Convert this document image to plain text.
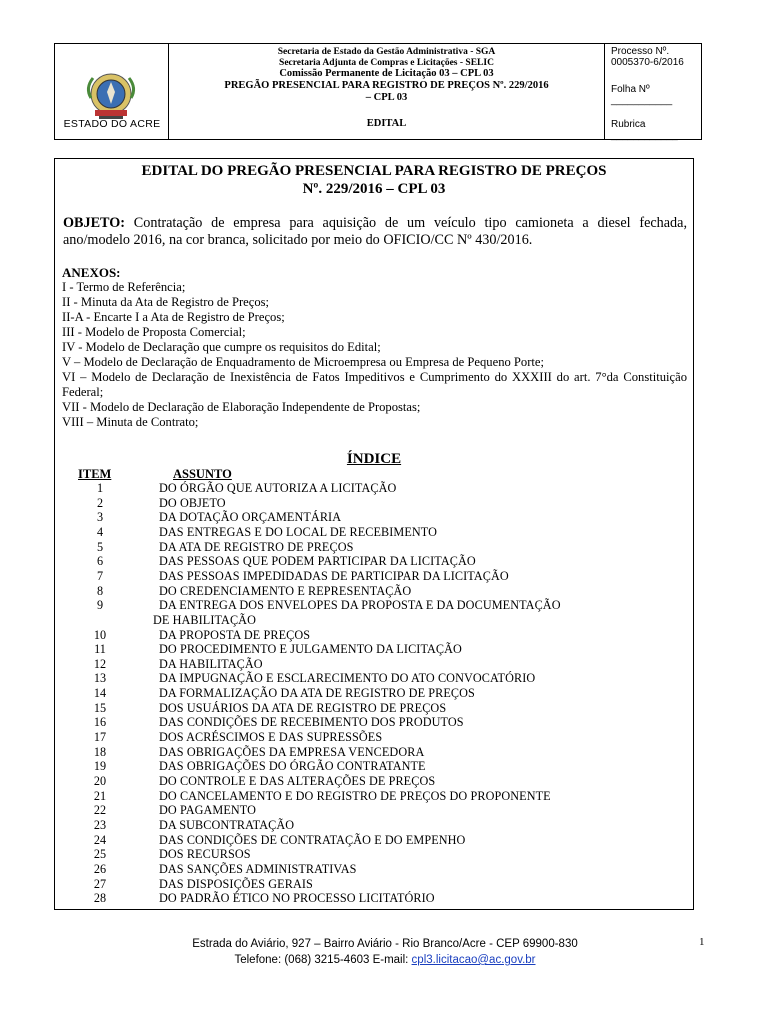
ESTADO DO ACRE
Secretaria de Estado da Gestão Administrativa - SGA
Secretaria Adjunta de Compras e Licitações - SELIC
Comissão Permanente de Licitação 03 – CPL 03
PREGÃO PRESENCIAL PARA REGISTRO DE PREÇOS Nº. 229/2016
– CPL 03
EDITAL
Processo Nº. 0005370-6/2016
Folha Nº ___________
Rubrica ____________
EDITAL DO PREGÃO PRESENCIAL PARA REGISTRO DE PREÇOS
Nº. 229/2016 – CPL 03
OBJETO: Contratação de empresa para aquisição de um veículo tipo camioneta a diesel fechada, ano/modelo 2016, na cor branca, solicitado por meio do OFICIO/CC Nº 430/2016.
ANEXOS:
I - Termo de Referência;
II - Minuta da Ata de Registro de Preços;
II-A - Encarte I a Ata de Registro de Preços;
III - Modelo de Proposta Comercial;
IV - Modelo de Declaração que cumpre os requisitos do Edital;
V – Modelo de Declaração de Enquadramento de Microempresa ou Empresa de Pequeno Porte;
VI – Modelo de Declaração de Inexistência de Fatos Impeditivos e Cumprimento do XXXIII do art. 7°da Constituição Federal;
VII - Modelo de Declaração de Elaboração Independente de Propostas;
VIII – Minuta de Contrato;
ÍNDICE
ITEM	ASSUNTO
1	DO ÓRGÃO QUE AUTORIZA A LICITAÇÃO
2	DO OBJETO
3	DA DOTAÇÃO ORÇAMENTÁRIA
4	DAS ENTREGAS E DO LOCAL DE RECEBIMENTO
5	DA ATA DE REGISTRO DE PREÇOS
6	DAS PESSOAS QUE PODEM PARTICIPAR DA LICITAÇÃO
7	DAS PESSOAS IMPEDIDADAS DE PARTICIPAR DA LICITAÇÃO
8	DO CREDENCIAMENTO E REPRESENTAÇÃO
9	DA ENTREGA DOS ENVELOPES DA PROPOSTA E DA DOCUMENTAÇÃO
DE HABILITAÇÃO
10	DA PROPOSTA DE PREÇOS
11	DO PROCEDIMENTO E JULGAMENTO DA LICITAÇÃO
12	DA HABILITAÇÃO
13	DA IMPUGNAÇÃO E ESCLARECIMENTO DO ATO CONVOCATÓRIO
14	DA FORMALIZAÇÃO DA ATA DE REGISTRO DE PREÇOS
15	DOS USUÁRIOS DA ATA DE REGISTRO DE PREÇOS
16	DAS CONDIÇÕES DE RECEBIMENTO DOS PRODUTOS
17	DOS ACRÉSCIMOS E DAS SUPRESSÕES
18	DAS OBRIGAÇÕES DA EMPRESA VENCEDORA
19	DAS OBRIGAÇÕES DO ÓRGÃO CONTRATANTE
20	DO CONTROLE E DAS ALTERAÇÕES DE PREÇOS
21	DO CANCELAMENTO E DO REGISTRO DE PREÇOS DO PROPONENTE
22	DO PAGAMENTO
23	DA SUBCONTRATAÇÃO
24	DAS CONDIÇÕES DE CONTRATAÇÃO E DO EMPENHO
25	DOS RECURSOS
26	DAS SANÇÕES ADMINISTRATIVAS
27	DAS DISPOSIÇÕES GERAIS
28	DO PADRÃO ÉTICO NO PROCESSO LICITATÓRIO
Estrada do Aviário, 927 – Bairro Aviário - Rio Branco/Acre - CEP 69900-830
Telefone: (068) 3215-4603 E-mail: cpl3.licitacao@ac.gov.br
1
